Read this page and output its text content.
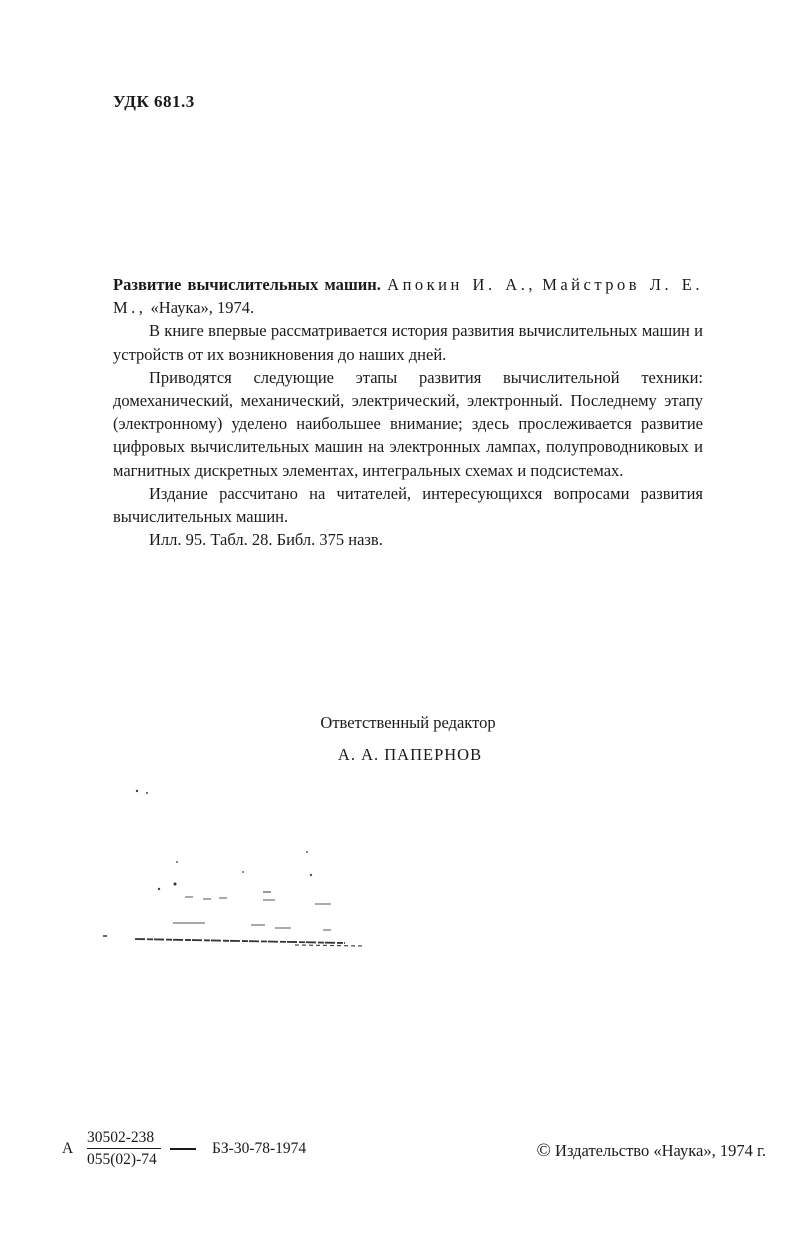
УДК 681.3

Развитие вычислительных машин. Апокин И. А., Майстров Л. Е. М., «Наука», 1974.

В книге впервые рассматривается история развития вычислительных машин и устройств от их возникновения до наших дней.

Приводятся следующие этапы развития вычислительной техники: домеханический, механический, электрический, электронный. Последнему этапу (электронному) уделено наибольшее внимание; здесь прослеживается развитие цифровых вычислительных машин на электронных лампах, полупроводниковых и магнитных дискретных элементах, интегральных схемах и подсистемах.

Издание рассчитано на читателей, интересующихся вопросами развития вычислительных машин.

Илл. 95. Табл. 28. Библ. 375 назв.

Ответственный редактор
А. А. ПАПЕРНОВ
А $\frac{30502-238}{055(02)-74}$	БЗ-30-78-1974	© Издательство «Наука», 1974 г.
